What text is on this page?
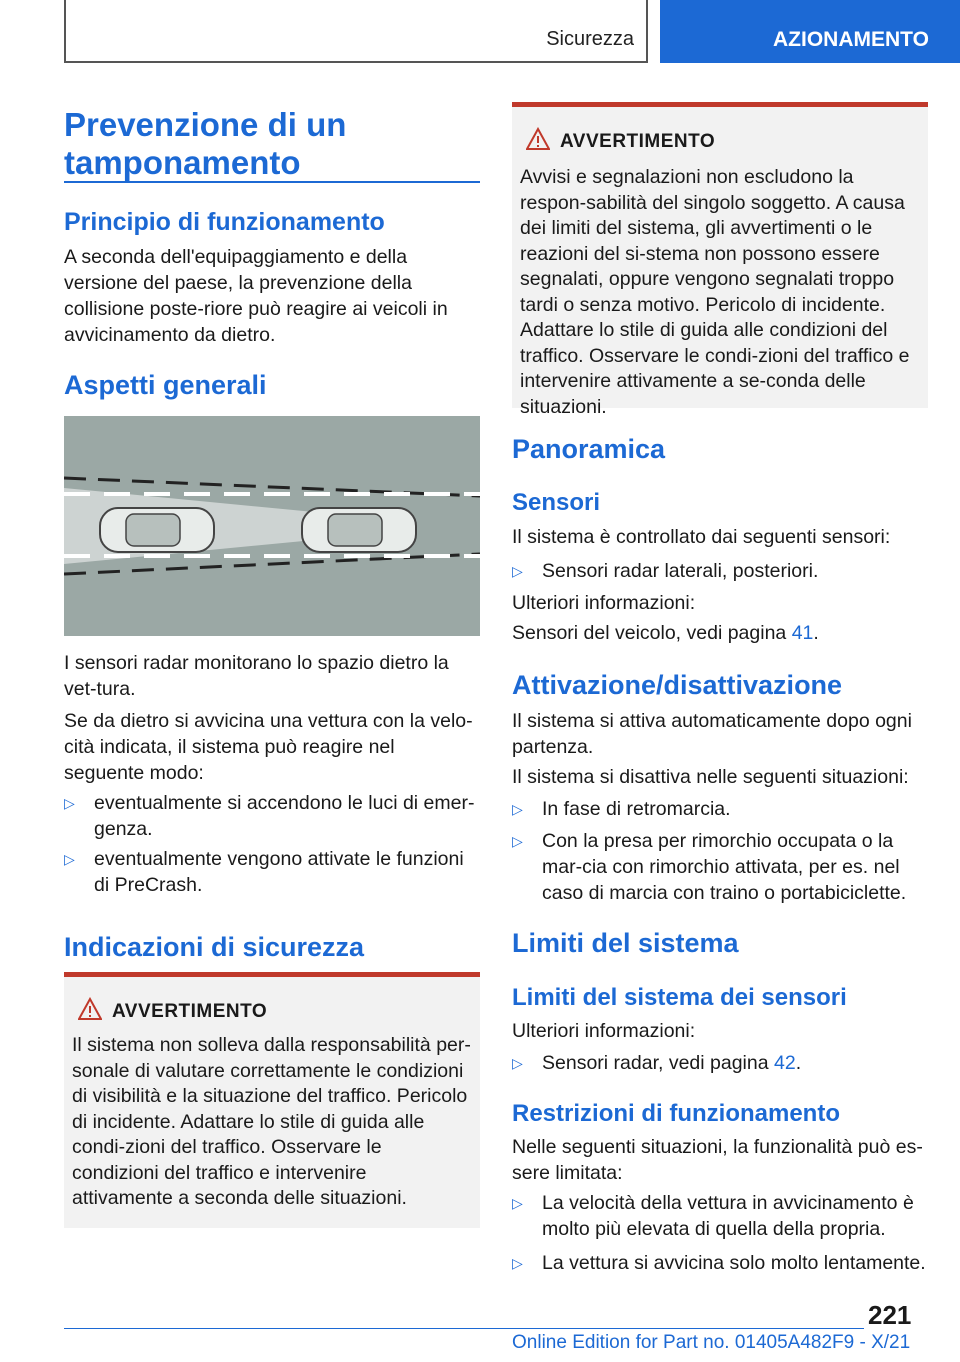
Sicurezza	AZIONAMENTO
Prevenzione di un
tamponamento
Principio di funzionamento

A seconda dell'equipaggiamento e della versione del paese, la prevenzione della collisione poste-riore può reagire ai veicoli in avvicinamento da dietro.

Aspetti generali

I sensori radar monitorano lo spazio dietro la vet-tura.

Se da dietro si avvicina una vettura con la velo-cità indicata, il sistema può reagire nel seguente modo:

▷ eventualmente si accendono le luci di emer-genza.
▷ eventualmente vengono attivate le funzioni di PreCrash.
Indicazioni di sicurezza
AVVERTIMENTO
Il sistema non solleva dalla responsabilità per-sonale di valutare correttamente le condizioni di visibilità e la situazione del traffico. Pericolo di incidente. Adattare lo stile di guida alle condi-zioni del traffico. Osservare le condizioni del traffico e intervenire attivamente a seconda delle situazioni.
AVVERTIMENTO
Avvisi e segnalazioni non escludono la respon-sabilità del singolo soggetto. A causa dei limiti del sistema, gli avvertimenti o le reazioni del si-stema non possono essere segnalati, oppure vengono segnalati troppo tardi o senza motivo. Pericolo di incidente. Adattare lo stile di guida alle condizioni del traffico. Osservare le condi-zioni del traffico e intervenire attivamente a se-conda delle situazioni.
Panoramica
Sensori

Il sistema è controllato dai seguenti sensori:

▷ Sensori radar laterali, posteriori.

Ulteriori informazioni:

Sensori del veicolo, vedi pagina 41.

Attivazione/disattivazione

Il sistema si attiva automaticamente dopo ogni partenza.

Il sistema si disattiva nelle seguenti situazioni:

▷ In fase di retromarcia.
▷ Con la presa per rimorchio occupata o la mar-cia con rimorchio attivata, per es. nel caso di marcia con traino o portabiciclette.
Limiti del sistema
Limiti del sistema dei sensori

Ulteriori informazioni:

▷ Sensori radar, vedi pagina 42.
Restrizioni di funzionamento

Nelle seguenti situazioni, la funzionalità può es-sere limitata:

▷ La velocità della vettura in avvicinamento è molto più elevata di quella della propria.
▷ La vettura si avvicina solo molto lentamente.
221
Online Edition for Part no. 01405A482F9 - X/21
